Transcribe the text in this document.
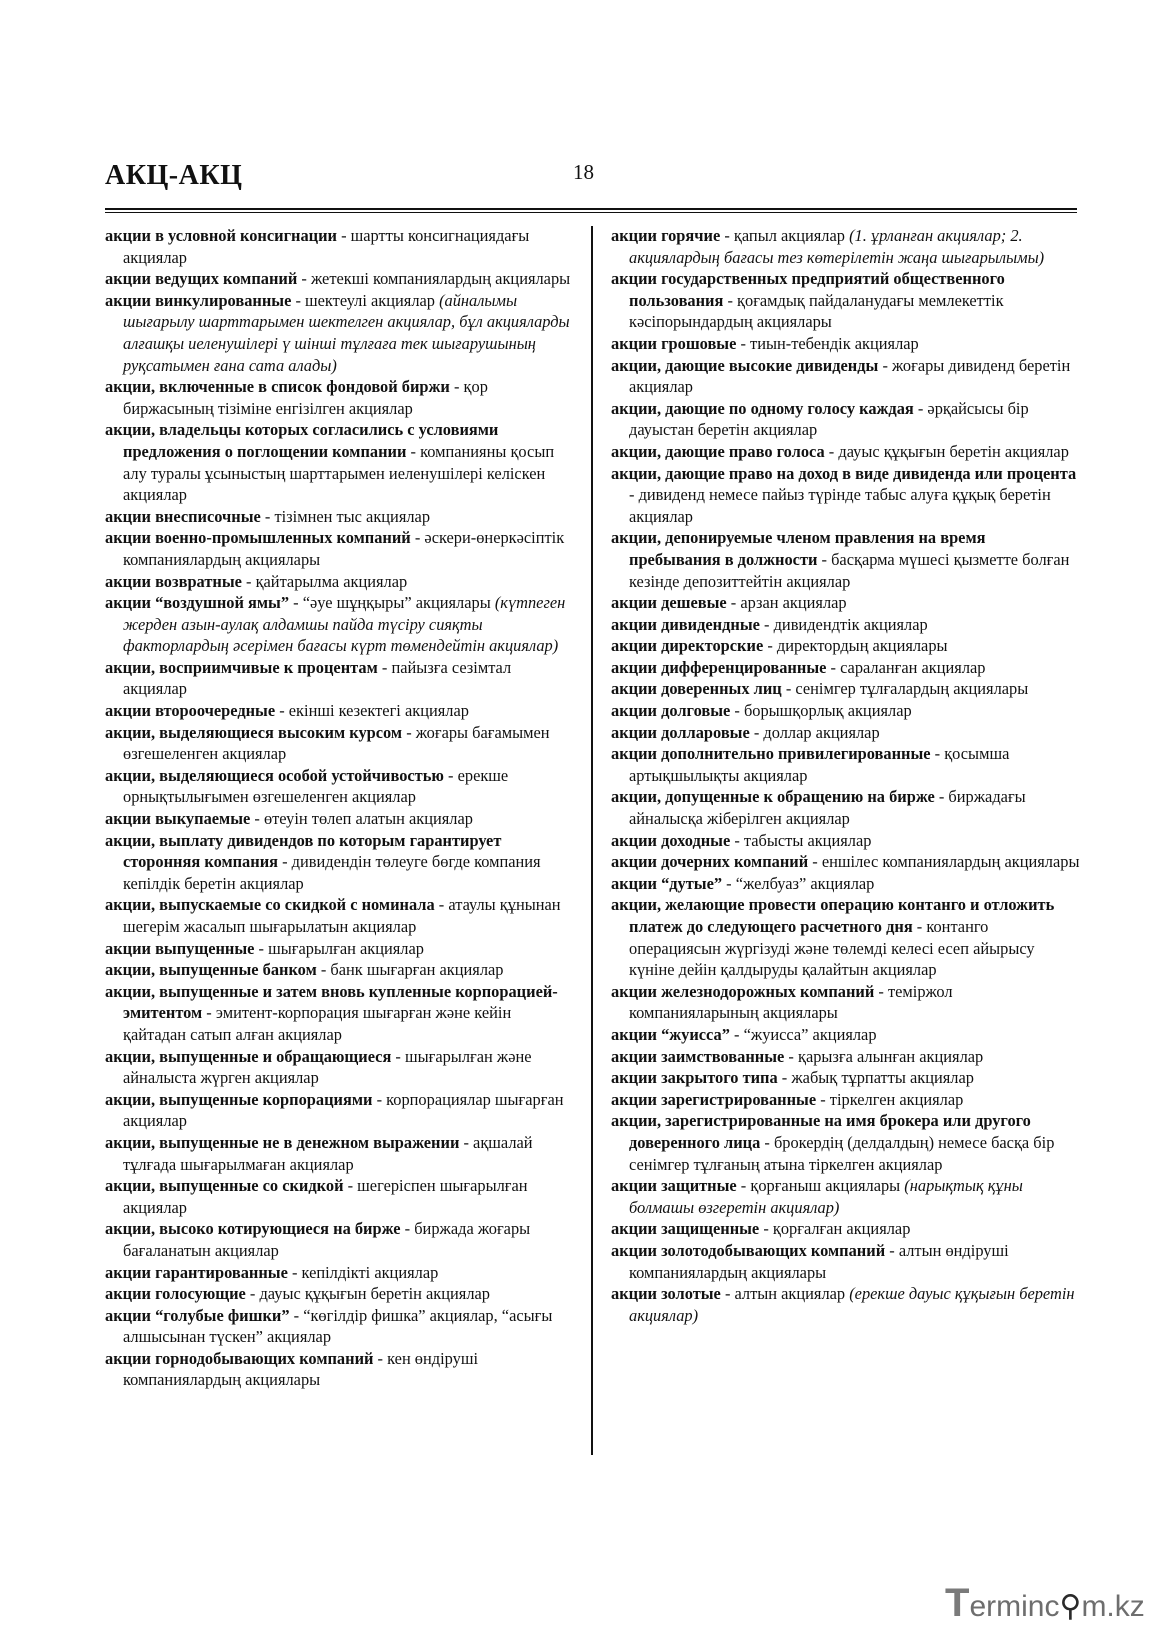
АКЦ-АКЦ	18

акции в условной консигнации - шартты консигнациядағы акциялар

акции ведущих компаний - жетекші компаниялардың акциялары

акции винкулированные - шектеулі акциялар (айналымы шығарылу шарттарымен шектелген акциялар, бұл акцияларды алғашқы иеленушілері ү шінші тұлғаға тек шығарушының руқсатымен ғана сата алады)

акции, включенные в список фондовой биржи - қор биржасының тізіміне енгізілген акциялар

акции, владельцы которых согласились с условиями предложения о поглощении компании - компанияны қосып алу туралы ұсыныстың шарттарымен иеленушілері келіскен акциялар

акции внесписочные - тізімнен тыс акциялар

акции военно-промышленных компаний - әскери-өнеркәсіптік компаниялардың акциялары

акции возвратные - қайтарылма акциялар

акции “воздушной ямы” - “әуе шұңқыры” акциялары (күтпеген жерден азын-аулақ алдамшы пайда түсіру сияқты факторлардың әсерімен бағасы күрт төмендейтін акциялар)

акции, восприимчивые к процентам - пайызға сезімтал акциялар

акции второочередные - екінші кезектегі акциялар

акции, выделяющиеся высоким курсом - жоғары бағамымен өзгешеленген акциялар

акции, выделяющиеся особой устойчивостью - ерекше орнықтылығымен өзгешеленген акциялар

акции выкупаемые - өтеуін төлеп алатын акциялар

акции, выплату дивидендов по которым гарантирует сторонняя компания - дивидендін төлеуге бөгде компания кепілдік беретін акциялар

акции, выпускаемые со скидкой с номинала - атаулы құнынан шегерім жасалып шығарылатын акциялар

акции выпущенные - шығарылған акциялар

акции, выпущенные банком - банк шығарған акциялар

акции, выпущенные и затем вновь купленные корпорацией-эмитентом - эмитент-корпорация шығарған және кейін қайтадан сатып алған акциялар

акции, выпущенные и обращающиеся - шығарылған және айналыста жүрген акциялар

акции, выпущенные корпорациями - корпорациялар шығарған акциялар

акции, выпущенные не в денежном выражении - ақшалай тұлғада шығарылмаған акциялар

акции, выпущенные со скидкой - шегеріспен шығарылған акциялар

акции, высоко котирующиеся на бирже - биржада жоғары бағаланатын акциялар

акции гарантированные - кепілдікті акциялар

акции голосующие - дауыс құқығын беретін акциялар

акции “голубые фишки” - “көгілдір фишка” акциялар, “асығы алшысынан түскен” акциялар

акции горнодобывающих компаний - кен өндіруші компаниялардың акциялары

акции горячие - қапыл акциялар (1. ұрланған акциялар; 2. акциялардың бағасы тез көтерілетін жаңа шығарылымы)

акции государственных предприятий общественного пользования - қоғамдық пайдаланудағы мемлекеттік кәсіпорындардың акциялары

акции грошовые - тиын-тебендік акциялар

акции, дающие высокие дивиденды - жоғары дивиденд беретін акциялар

акции, дающие по одному голосу каждая - әрқайсысы бір дауыстан беретін акциялар

акции, дающие право голоса - дауыс құқығын беретін акциялар

акции, дающие право на доход в виде дивиденда или процента - дивиденд немесе пайыз түрінде табыс алуға құқық беретін акциялар

акции, депонируемые членом правления на время пребывания в должности - басқарма мүшесі қызметте болған кезінде депозиттейтін акциялар

акции дешевые - арзан акциялар

акции дивидендные - дивидендтік акциялар

акции директорские - директордың акциялары

акции дифференцированные - сараланған акциялар

акции доверенных лиц - сенімгер тұлғалардың акциялары

акции долговые - борышқорлық акциялар

акции долларовые - доллар акциялар

акции дополнительно привилегированные - қосымша артықшылықты акциялар

акции, допущенные к обращению на бирже - биржадағы айналысқа жіберілген акциялар

акции доходные - табысты акциялар

акции дочерних компаний - еншілес компаниялардың акциялары

акции “дутые” - “желбуаз” акциялар

акции, желающие провести операцию контанго и отложить платеж до следующего расчетного дня - контанго операциясын жүргізуді және төлемді келесі есеп айырысу күніне дейін қалдыруды қалайтын акциялар

акции железнодорожных компаний - теміржол компанияларының акциялары

акции “жуисса” - “жуисса” акциялар

акции заимствованные - қарызға алынған акциялар

акции закрытого типа - жабық тұрпатты акциялар

акции зарегистрированные - тіркелген акциялар

акции, зарегистрированные на имя брокера или другого доверенного лица - брокердің (делдалдың) немесе басқа бір сенімгер тұлғаның атына тіркелген акциялар

акции защитные - қорғаныш акциялары (нарықтық құны болмашы өзгеретін акциялар)

акции защищенные - қорғалған акциялар

акции золотодобывающих компаний - алтын өндіруші компаниялардың акциялары

акции золотые - алтын акциялар (ерекше дауыс құқығын беретін акциялар)

Terminc⚲m.kz
